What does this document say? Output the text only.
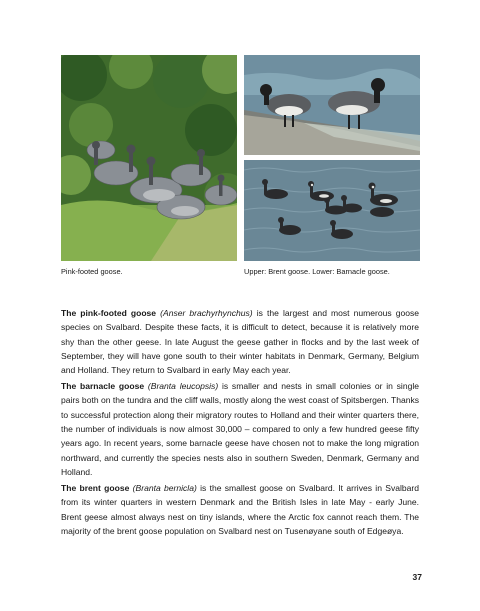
Pink-footed goose.	Upper: Brent goose. Lower: Barnacle goose.

The pink-footed goose (Anser brachyrhynchus) is the largest and most numerous goose species on Svalbard. Despite these facts, it is difficult to detect, because it is relatively more shy than the other geese. In late August the geese gather in flocks and by the last week of September, they will have gone south to their winter habitats in Denmark, Germany, Belgium and Holland. They return to Svalbard in early May each year.

The barnacle goose (Branta leucopsis) is smaller and nests in small colonies or in single pairs both on the tundra and the cliff walls, mostly along the west coast of Spitsbergen. Thanks to successful protection along their migratory routes to Holland and their winter quarters there, the number of individuals is now almost 30,000 – compared to only a few hundred geese fifty years ago. In recent years, some barnacle geese have chosen not to make the long migration northward, and currently the species nests also in southern Sweden, Denmark, Germany and Holland.

The brent goose (Branta bernicla) is the smallest goose on Svalbard. It arrives in Svalbard from its winter quarters in western Denmark and the British Isles in late May - early June. Brent geese almost always nest on tiny islands, where the Arctic fox cannot reach them. The majority of the brent goose population on Svalbard nest on Tusenøyane south of Edgeøya.

37
